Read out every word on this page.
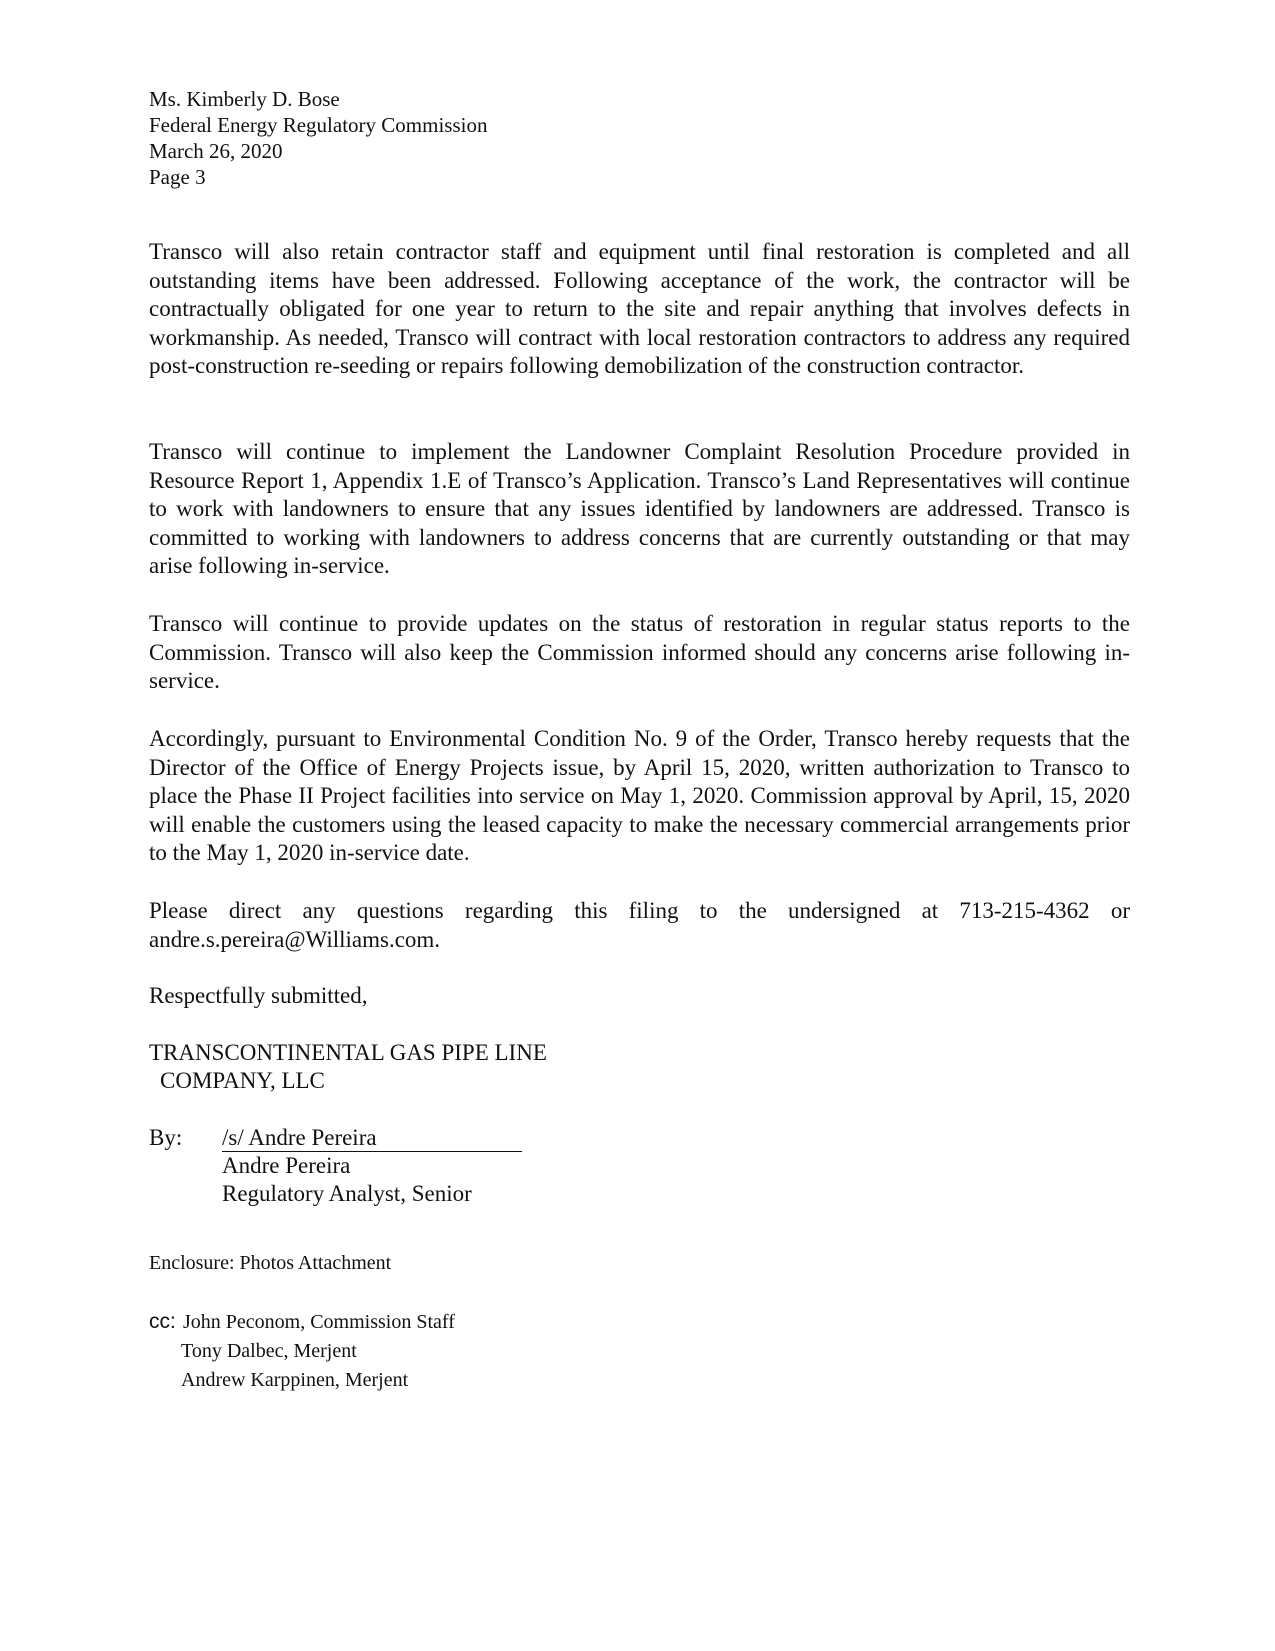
Ms. Kimberly D. Bose
Federal Energy Regulatory Commission
March 26, 2020
Page 3
Transco will also retain contractor staff and equipment until final restoration is completed and all outstanding items have been addressed. Following acceptance of the work, the contractor will be contractually obligated for one year to return to the site and repair anything that involves defects in workmanship. As needed, Transco will contract with local restoration contractors to address any required post-construction re-seeding or repairs following demobilization of the construction contractor.
Transco will continue to implement the Landowner Complaint Resolution Procedure provided in Resource Report 1, Appendix 1.E of Transco’s Application. Transco’s Land Representatives will continue to work with landowners to ensure that any issues identified by landowners are addressed. Transco is committed to working with landowners to address concerns that are currently outstanding or that may arise following in-service.
Transco will continue to provide updates on the status of restoration in regular status reports to the Commission. Transco will also keep the Commission informed should any concerns arise following in-service.
Accordingly, pursuant to Environmental Condition No. 9 of the Order, Transco hereby requests that the Director of the Office of Energy Projects issue, by April 15, 2020, written authorization to Transco to place the Phase II Project facilities into service on May 1, 2020. Commission approval by April, 15, 2020 will enable the customers using the leased capacity to make the necessary commercial arrangements prior to the May 1, 2020 in-service date.
Please direct any questions regarding this filing to the undersigned at 713-215-4362 or andre.s.pereira@Williams.com.
Respectfully submitted,
TRANSCONTINENTAL GAS PIPE LINE
COMPANY, LLC
By: /s/ Andre Pereira
Andre Pereira
Regulatory Analyst, Senior
Enclosure: Photos Attachment
cc: John Peconom, Commission Staff
Tony Dalbec, Merjent
Andrew Karppinen, Merjent
